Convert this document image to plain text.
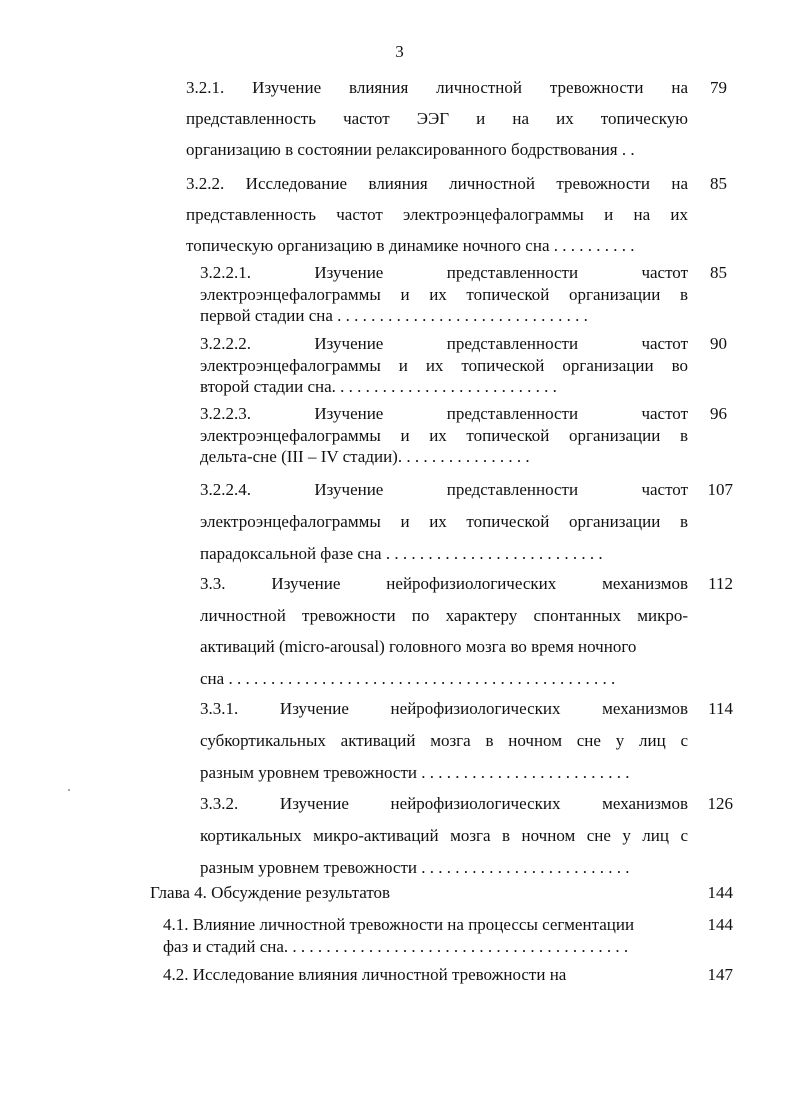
3
3.2.1. Изучение влияния личностной тревожности на
представленность частот ЭЭГ и на их топическую
организацию в состоянии релаксированного бодрствования . .
79
3.2.2. Исследование влияния личностной тревожности на
представленность частот электроэнцефалограммы и на их
топическую организацию в динамике ночного сна . . . . . . . . . .
85
3.2.2.1. Изучение представленности частот
электроэнцефалограммы и их топической организации в
первой стадии сна . . . . . . . . . . . . . . . . . . . . . . . . . . . . . .
85
3.2.2.2. Изучение представленности частот
электроэнцефалограммы и их топической организации во
второй стадии сна. . . . . . . . . . . . . . . . . . . . . . . . . . .
90
3.2.2.3. Изучение представленности частот
электроэнцефалограммы и их топической организации в
дельта-сне (III – IV стадии). . . . . . . . . . . . . . . .
96
3.2.2.4. Изучение представленности частот
электроэнцефалограммы и их топической организации в
парадоксальной фазе сна . . . . . . . . . . . . . . . . . . . . . . . . . .
107
3.3. Изучение нейрофизиологических механизмов
личностной тревожности по характеру спонтанных микро-
активаций (micro-arousal) головного мозга во время ночного
сна . . . . . . . . . . . . . . . . . . . . . . . . . . . . . . . . . . . . . . . . . . . . . .
112
3.3.1. Изучение нейрофизиологических механизмов
субкортикальных активаций мозга в ночном сне у лиц с
разным уровнем тревожности . . . . . . . . . . . . . . . . . . . . . . . . .
114
3.3.2. Изучение нейрофизиологических механизмов
кортикальных микро-активаций мозга в ночном сне у лиц с
разным уровнем тревожности . . . . . . . . . . . . . . . . . . . . . . . . .
126
Глава 4. Обсуждение результатов	144
4.1. Влияние личностной тревожности на процессы сегментации
фаз и стадий сна. . . . . . . . . . . . . . . . . . . . . . . . . . . . . . . . . . . . . . . . .
144
4.2. Исследование влияния личностной тревожности на	147
